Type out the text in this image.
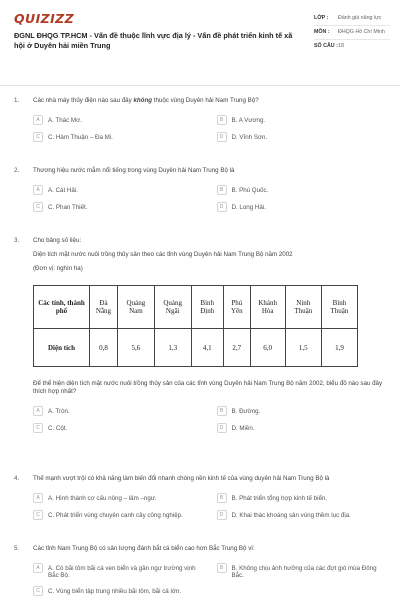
QUIZIZZ
ĐGNL ĐHQG TP.HCM - Vấn đề thuộc lĩnh vực địa lý - Vấn đề phát triển kinh tế xã hội ở Duyên hải miền Trung
LỚP :	Đánh giá năng lực
MÔN :	ĐHQG Hồ Chí Minh
SỐ CÂU : 18
1. Các nhà máy thủy điện nào sau đây không thuộc vùng Duyên hải Nam Trung Bộ?
A	A. Thác Mơ.	B	B. A Vương.
C	C. Hàm Thuận – Đa Mi.	D	D. Vĩnh Sơn.
2. Thương hiệu nước mắm nổi tiếng trong vùng Duyên hải Nam Trung Bộ là
A	A. Cát Hải.	B	B. Phú Quốc.
C	C. Phan Thiết.	D	D. Long Hải.
3. Cho bảng số liệu:
Diện tích mặt nước nuôi trồng thủy sản theo các tỉnh vùng Duyên hải Nam Trung Bộ năm 2002
(Đơn vị: nghìn ha)
Các tỉnh, thành phố	Đà Nẵng	Quảng Nam	Quảng Ngãi	Bình Định	Phú Yên	Khánh Hòa	Ninh Thuận	Bình Thuận
Diện tích	0,8	5,6	1,3	4,1	2,7	6,0	1,5	1,9
Để thể hiện diện tích mặt nước nuôi trồng thủy sản của các tỉnh vùng Duyên hải Nam Trung Bộ năm 2002, biểu đồ nào sau đây thích hợp nhất?
A	A. Tròn.	B	B. Đường.
C	C. Cột.	D	D. Miền.
4. Thế mạnh vượt trội có khả năng làm biến đổi nhanh chóng nền kinh tế của vùng duyên hải Nam Trung Bộ là
A	A. Hình thành cơ cấu nông – lâm –ngư.	B	B. Phát triển tổng hợp kinh tế biển.
C	C. Phát triển vùng chuyên canh cây công nghiệp.	D	D. Khai thác khoáng sản vùng thềm lục địa.
5. Các tỉnh Nam Trung Bộ có sản lượng đánh bắt cá biển cao hơn Bắc Trung Bộ vì:
A	A. Có bãi tôm bãi cá ven biển và gần ngư trường vịnh Bắc Bộ.
B	B. Không chịu ảnh hưởng của các đợt gió mùa Đông Bắc.
C	C. Vùng biển tập trung nhiều bãi tôm, bãi cá lớn.
